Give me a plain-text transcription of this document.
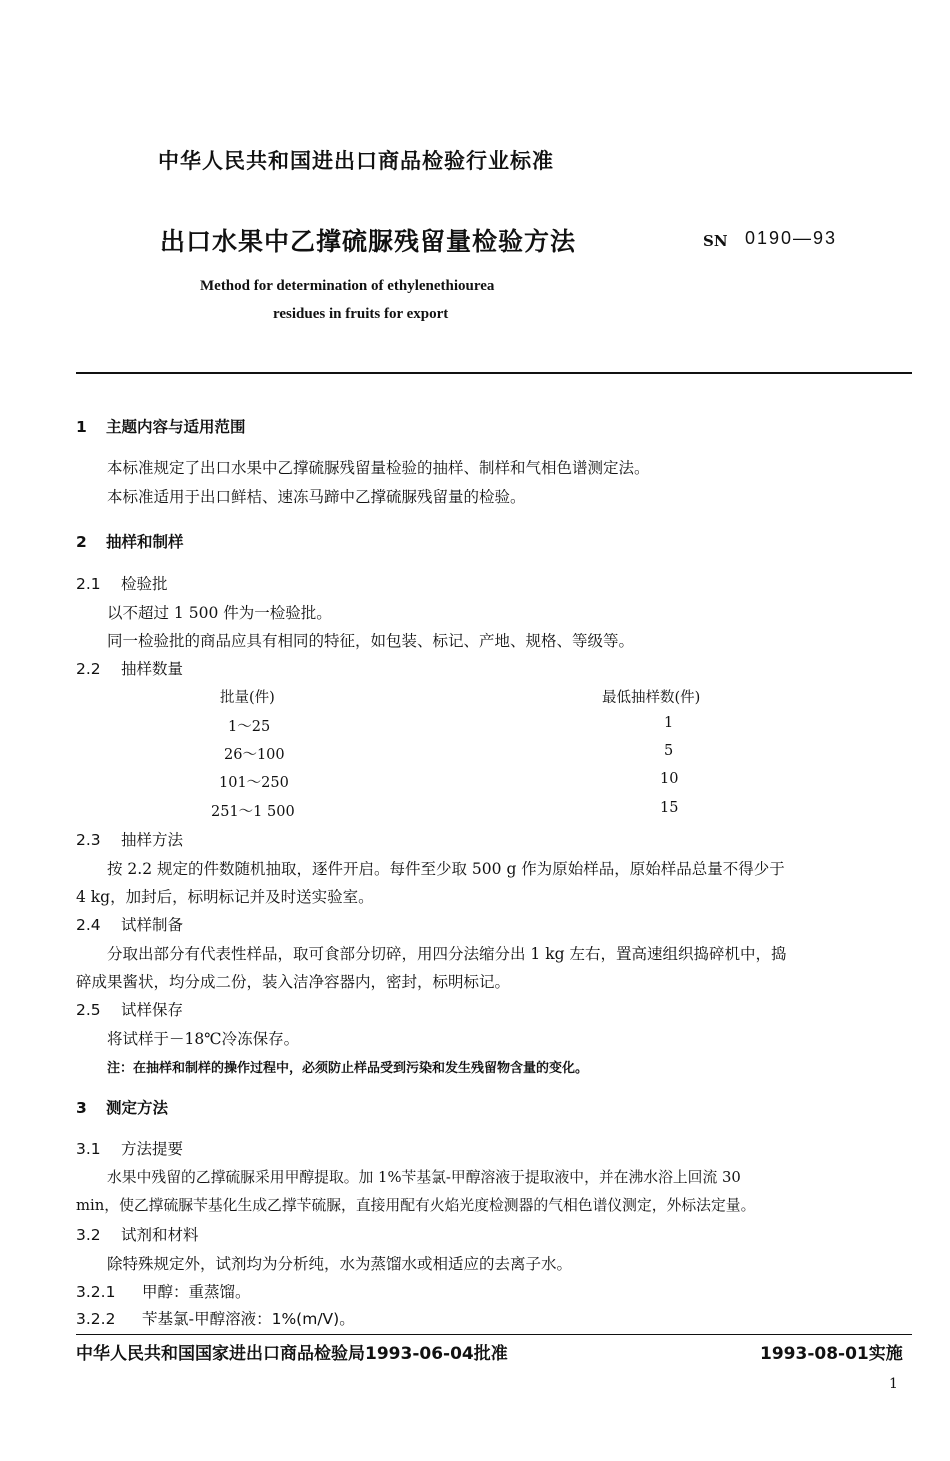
中华人民共和国进出口商品检验行业标准
出口水果中乙撑硫脲残留量检验方法	SN 0190—93
Method for determination of ethylenethiourea
residues in fruits for export
1 主题内容与适用范围
本标准规定了出口水果中乙撑硫脲残留量检验的抽样、制样和气相色谱测定法。
本标准适用于出口鲜桔、速冻马蹄中乙撑硫脲残留量的检验。
2 抽样和制样
2.1 检验批
以不超过 1 500 件为一检验批。
同一检验批的商品应具有相同的特征，如包装、标记、产地、规格、等级等。
2.2 抽样数量
批量(件)	最低抽样数(件)
1～25	1
26～100	5
101～250	10
251～1 500	15
2.3 抽样方法
按 2.2 规定的件数随机抽取，逐件开启。每件至少取 500 g 作为原始样品，原始样品总量不得少于
4 kg，加封后，标明标记并及时送实验室。
2.4 试样制备
分取出部分有代表性样品，取可食部分切碎，用四分法缩分出 1 kg 左右，置高速组织捣碎机中，捣
碎成果酱状，均分成二份，装入洁净容器内，密封，标明标记。
2.5 试样保存
将试样于－18℃冷冻保存。
注：在抽样和制样的操作过程中，必须防止样品受到污染和发生残留物含量的变化。
3 测定方法
3.1 方法提要
水果中残留的乙撑硫脲采用甲醇提取。加 1%苄基氯-甲醇溶液于提取液中，并在沸水浴上回流 30
min，使乙撑硫脲苄基化生成乙撑苄硫脲，直接用配有火焰光度检测器的气相色谱仪测定，外标法定量。
3.2 试剂和材料
除特殊规定外，试剂均为分析纯，水为蒸馏水或相适应的去离子水。
3.2.1 甲醇：重蒸馏。
3.2.2 苄基氯-甲醇溶液：1%(m/V)。
中华人民共和国国家进出口商品检验局1993-06-04批准	1993-08-01实施
1
